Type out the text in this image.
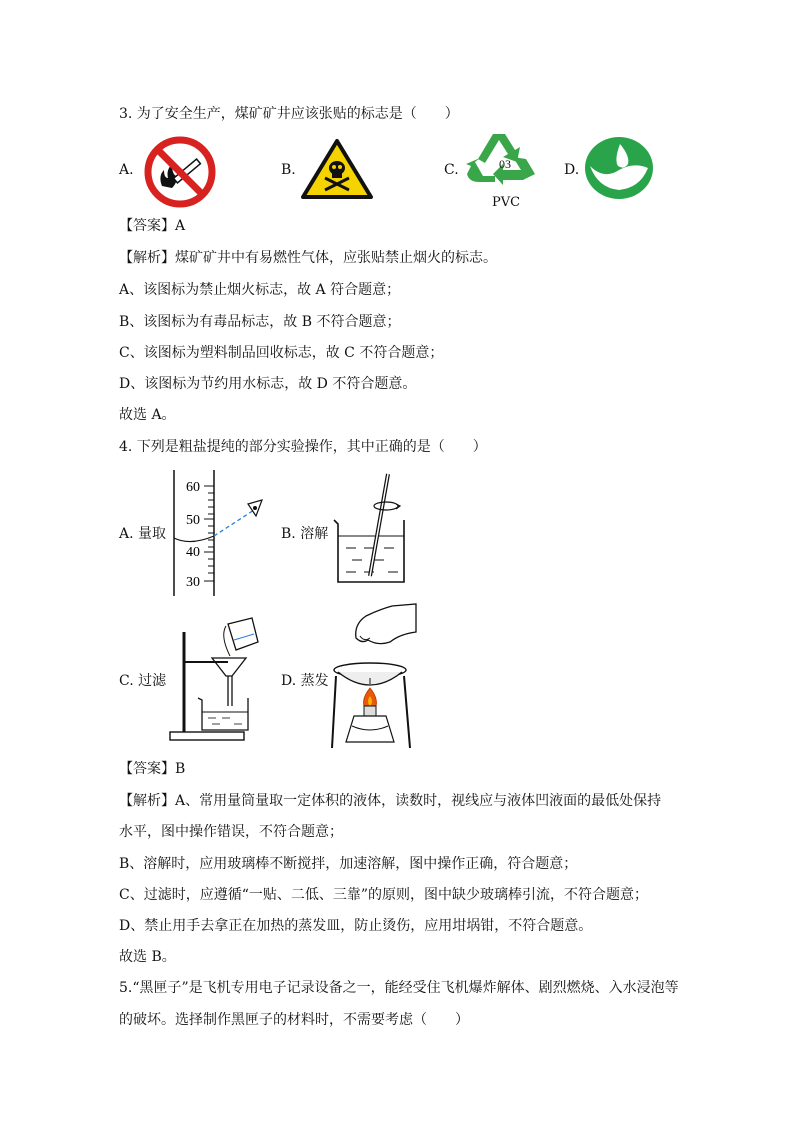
3. 为了安全生产，煤矿矿井应该张贴的标志是（　　）
A.	B.	C.	03
PVC
D.
【答案】A
【解析】煤矿矿井中有易燃性气体，应张贴禁止烟火的标志。
A、该图标为禁止烟火标志，故 A 符合题意；
B、该图标为有毒品标志，故 B 不符合题意；
C、该图标为塑料制品回收标志，故 C 不符合题意；
D、该图标为节约用水标志，故 D 不符合题意。
故选 A。
4. 下列是粗盐提纯的部分实验操作，其中正确的是（　　）
A. 量取
60
50
40
30
B. 溶解
C. 过滤	D. 蒸发
【答案】B
【解析】A、常用量筒量取一定体积的液体，读数时，视线应与液体凹液面的最低处保持
水平，图中操作错误，不符合题意；
B、溶解时，应用玻璃棒不断搅拌，加速溶解，图中操作正确，符合题意；
C、过滤时，应遵循“一贴、二低、三靠”的原则，图中缺少玻璃棒引流，不符合题意；
D、禁止用手去拿正在加热的蒸发皿，防止烫伤，应用坩埚钳，不符合题意。
故选 B。
5.“黑匣子”是飞机专用电子记录设备之一，能经受住飞机爆炸解体、剧烈燃烧、入水浸泡等
的破坏。选择制作黑匣子的材料时，不需要考虑（　　）
